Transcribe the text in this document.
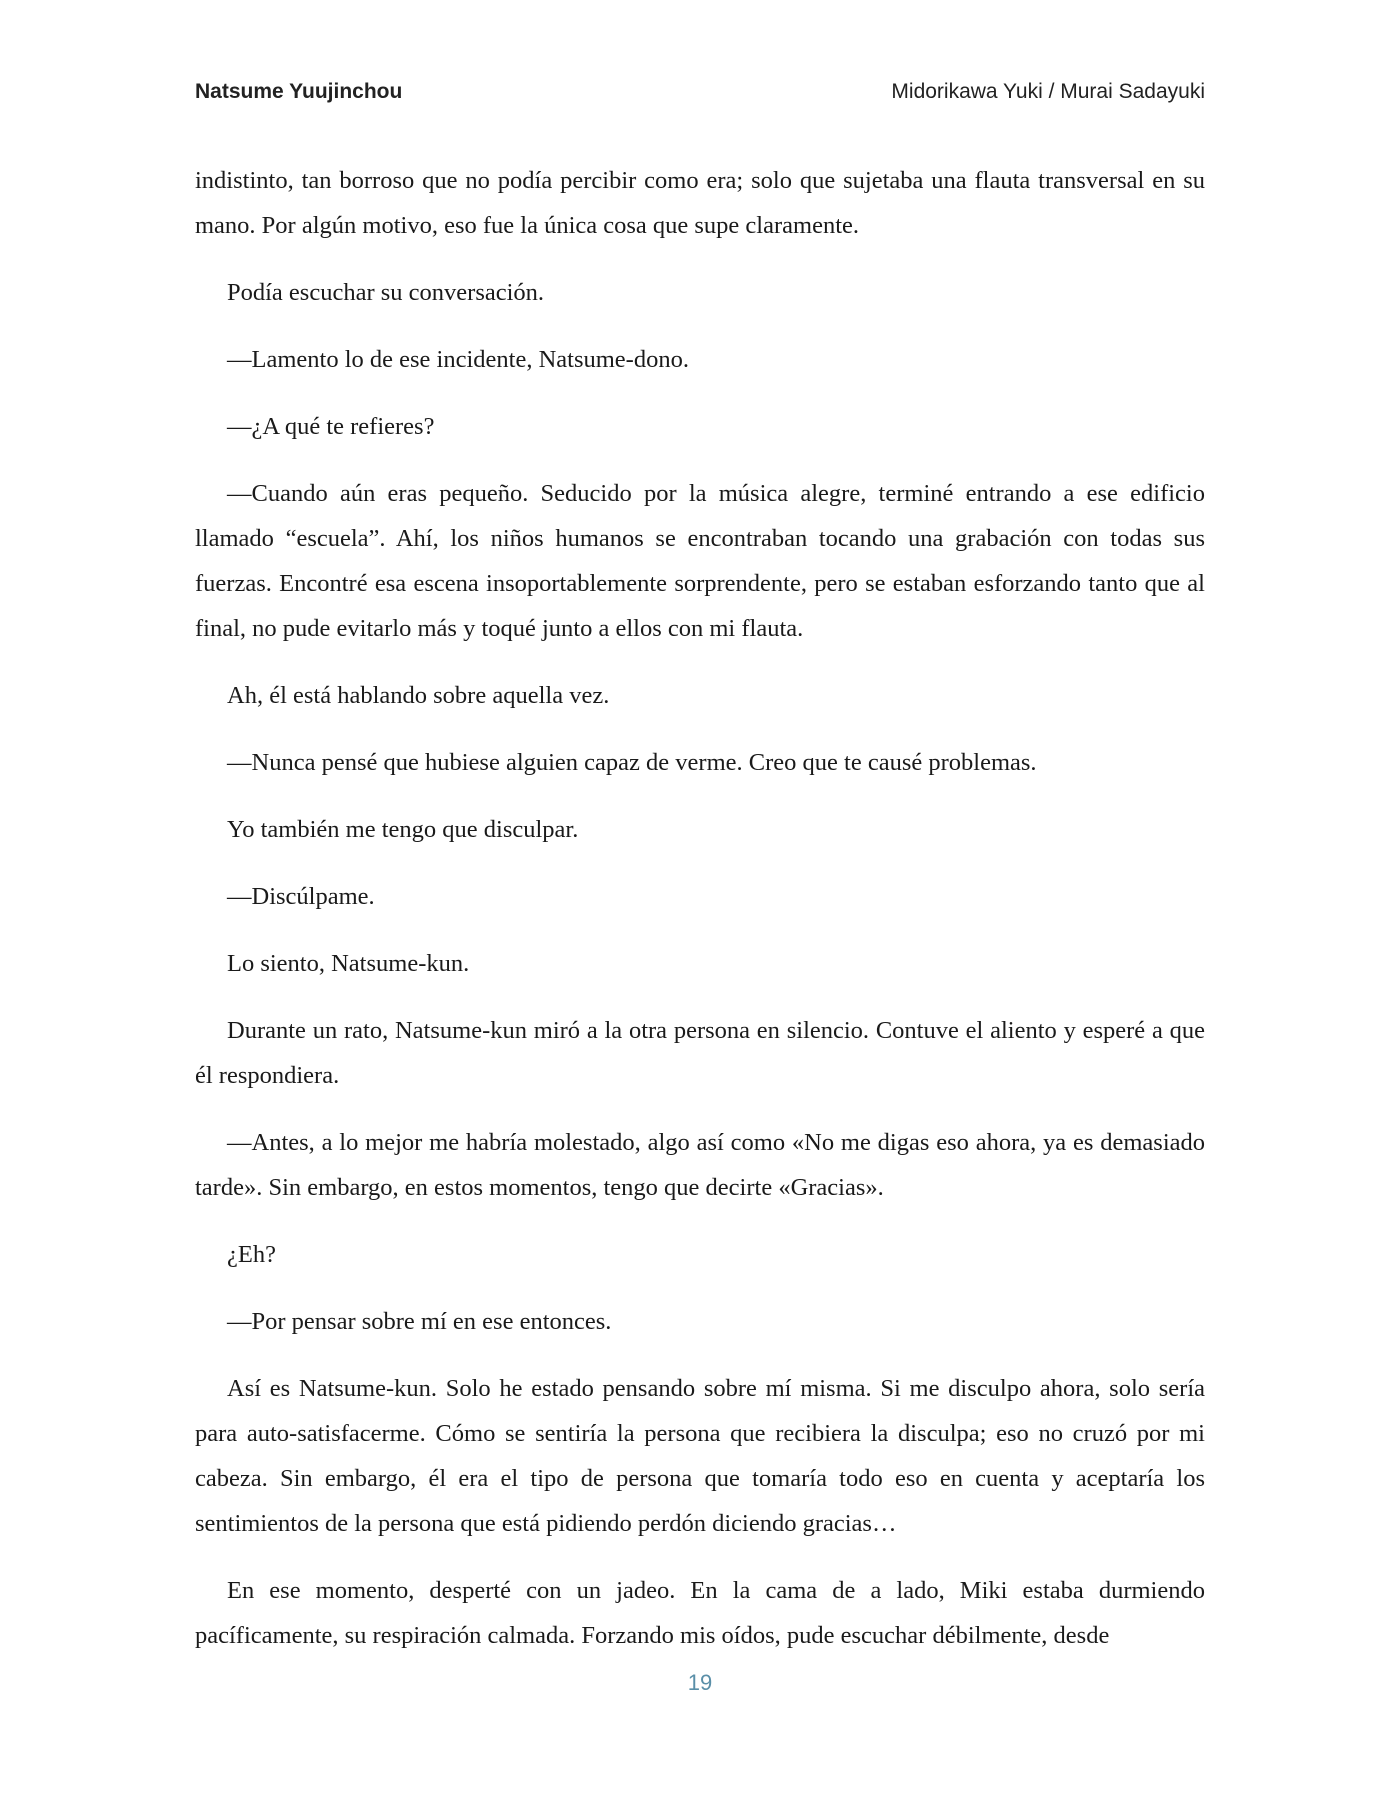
Natsume Yuujinchou	Midorikawa Yuki / Murai Sadayuki

indistinto, tan borroso que no podía percibir como era; solo que sujetaba una flauta transversal en su mano. Por algún motivo, eso fue la única cosa que supe claramente.

Podía escuchar su conversación.

—Lamento lo de ese incidente, Natsume-dono.

—¿A qué te refieres?

—Cuando aún eras pequeño. Seducido por la música alegre, terminé entrando a ese edificio llamado “escuela”. Ahí, los niños humanos se encontraban tocando una grabación con todas sus fuerzas. Encontré esa escena insoportablemente sorprendente, pero se estaban esforzando tanto que al final, no pude evitarlo más y toqué junto a ellos con mi flauta.

Ah, él está hablando sobre aquella vez.

—Nunca pensé que hubiese alguien capaz de verme. Creo que te causé problemas.

Yo también me tengo que disculpar.

—Discúlpame.

Lo siento, Natsume-kun.

Durante un rato, Natsume-kun miró a la otra persona en silencio. Contuve el aliento y esperé a que él respondiera.

—Antes, a lo mejor me habría molestado, algo así como «No me digas eso ahora, ya es demasiado tarde». Sin embargo, en estos momentos, tengo que decirte «Gracias».

¿Eh?

—Por pensar sobre mí en ese entonces.

Así es Natsume-kun. Solo he estado pensando sobre mí misma. Si me disculpo ahora, solo sería para auto-satisfacerme. Cómo se sentiría la persona que recibiera la disculpa; eso no cruzó por mi cabeza. Sin embargo, él era el tipo de persona que tomaría todo eso en cuenta y aceptaría los sentimientos de la persona que está pidiendo perdón diciendo gracias…

En ese momento, desperté con un jadeo. En la cama de a lado, Miki estaba durmiendo pacíficamente, su respiración calmada. Forzando mis oídos, pude escuchar débilmente, desde

19
